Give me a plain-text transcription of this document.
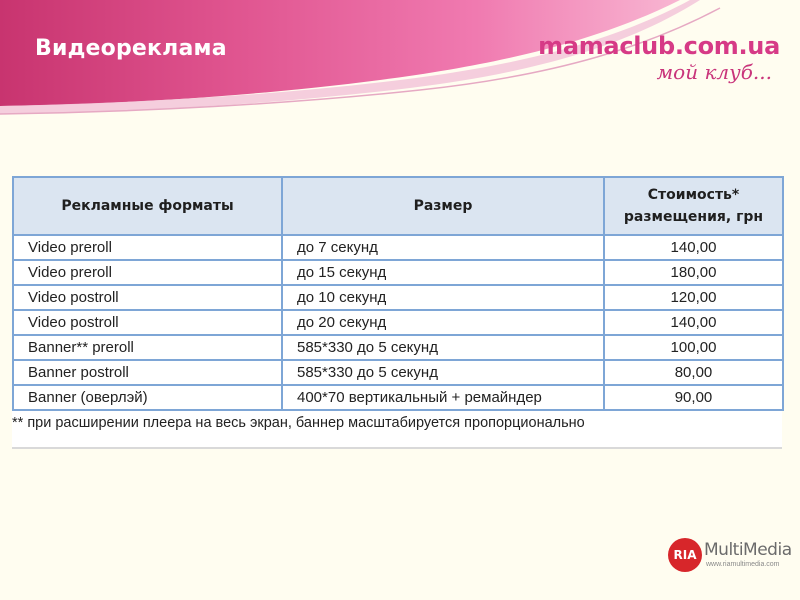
Видеореклама	mamaclub.com.ua
мой клуб...
Рекламные форматы	Размер	Стоимость*
размещения, грн

Video preroll	до 7 секунд	140,00
Video preroll	до 15 секунд	180,00
Video postroll	до 10 секунд	120,00
Video postroll	до 20 секунд	140,00
Banner** preroll	585*330 до 5 секунд	100,00
Banner postroll	585*330 до 5 секунд	80,00
Banner (оверлэй)	400*70 вертикальный + ремайндер	90,00
** при расширении плеера на весь экран, баннер масштабируется пропорционально
RIA MultiMedia
www.riamultimedia.com
